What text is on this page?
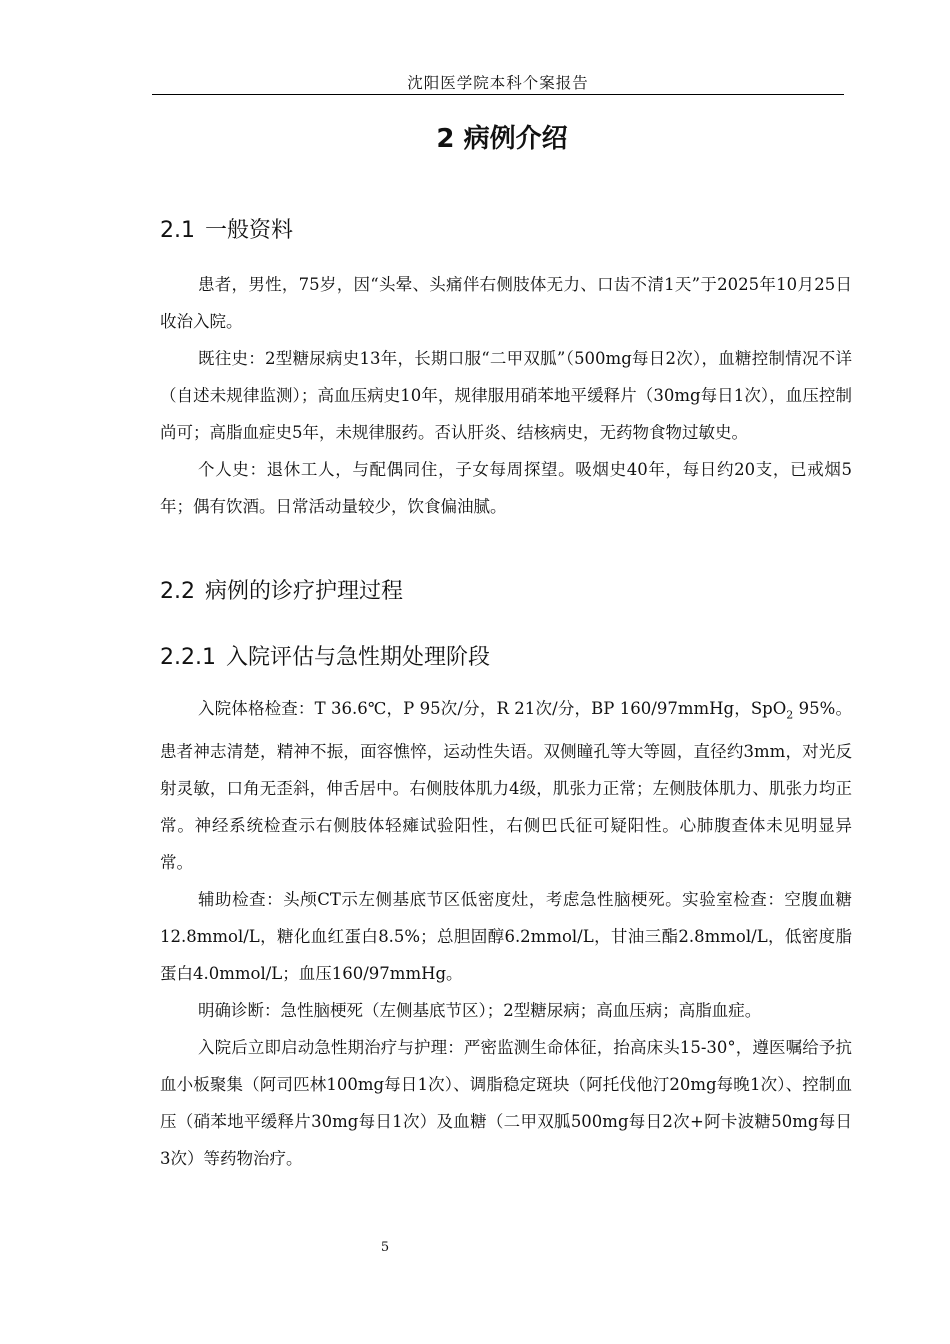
沈阳医学院本科个案报告
2 病例介绍
2.1 一般资料

患者，男性，75岁，因“头晕、头痛伴右侧肢体无力、口齿不清1天”于2025年10月25日收治入院。

既往史：2型糖尿病史13年，长期口服“二甲双胍”（500mg每日2次），血糖控制情况不详（自述未规律监测）；高血压病史10年，规律服用硝苯地平缓释片（30mg每日1次），血压控制尚可；高脂血症史5年，未规律服药。否认肝炎、结核病史，无药物食物过敏史。

个人史：退休工人，与配偶同住，子女每周探望。吸烟史40年，每日约20支，已戒烟5年；偶有饮酒。日常活动量较少，饮食偏油腻。

2.2 病例的诊疗护理过程
2.2.1 入院评估与急性期处理阶段

入院体格检查：T 36.6℃，P 95次/分，R 21次/分，BP 160/97mmHg，SpO$_2$ 95%。患者神志清楚，精神不振，面容憔悴，运动性失语。双侧瞳孔等大等圆，直径约3mm，对光反射灵敏，口角无歪斜，伸舌居中。右侧肢体肌力4级，肌张力正常；左侧肢体肌力、肌张力均正常。神经系统检查示右侧肢体轻瘫试验阳性，右侧巴氏征可疑阳性。心肺腹查体未见明显异常。

辅助检查：头颅CT示左侧基底节区低密度灶，考虑急性脑梗死。实验室检查：空腹血糖12.8mmol/L，糖化血红蛋白8.5%；总胆固醇6.2mmol/L，甘油三酯2.8mmol/L，低密度脂蛋白4.0mmol/L；血压160/97mmHg。

明确诊断：急性脑梗死（左侧基底节区）；2型糖尿病；高血压病；高脂血症。

入院后立即启动急性期治疗与护理：严密监测生命体征，抬高床头15-30°，遵医嘱给予抗血小板聚集（阿司匹林100mg每日1次）、调脂稳定斑块（阿托伐他汀20mg每晚1次）、控制血压（硝苯地平缓释片30mg每日1次）及血糖（二甲双胍500mg每日2次+阿卡波糖50mg每日3次）等药物治疗。

5
